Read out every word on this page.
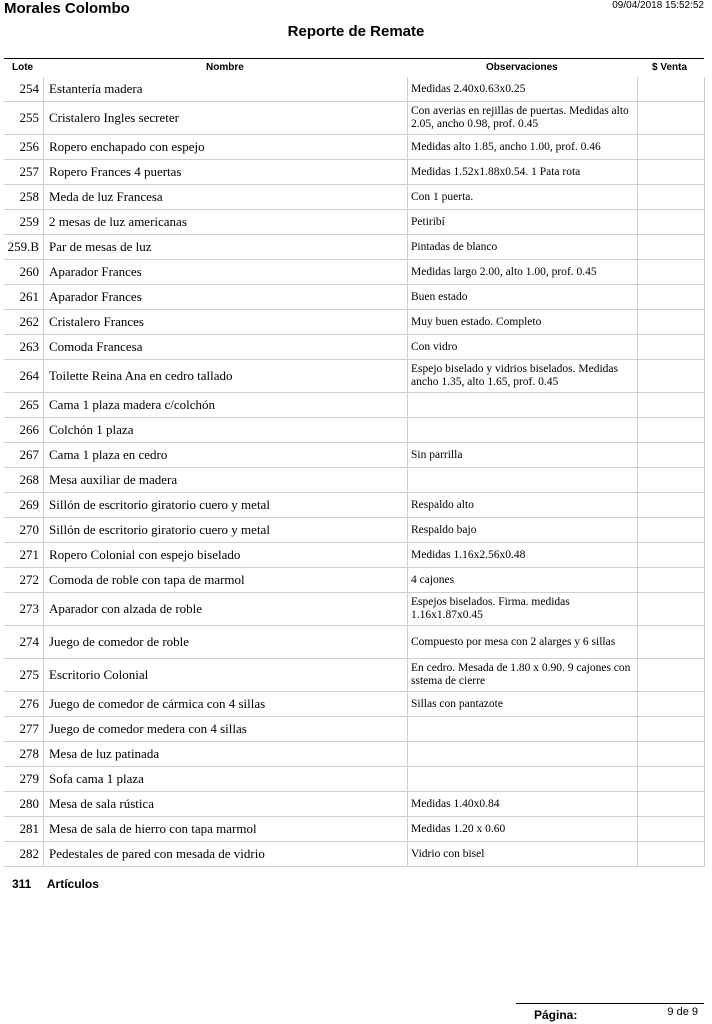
Morales Colombo	09/04/2018 15:52:52
Reporte de Remate
Lote	Nombre	Observaciones	$ Venta
254 Estantería madera	Medidas 2.40x0.63x0.25
255 Cristalero Ingles secreter	Con averias en rejillas de puertas. Medidas alto 2.05, ancho 0.98, prof. 0.45
256 Ropero enchapado con espejo	Medidas alto 1.85, ancho 1.00, prof. 0.46
257 Ropero Frances 4 puertas	Medidas 1.52x1.88x0.54. 1 Pata rota
258 Meda de luz Francesa	Con 1 puerta.
259 2 mesas de luz americanas	Petiribí
259.B Par de mesas de luz	Pintadas de blanco
260 Aparador Frances	Medidas largo 2.00, alto 1.00, prof. 0.45
261 Aparador Frances	Buen estado
262 Cristalero Frances	Muy buen estado. Completo
263 Comoda Francesa	Con vidro
264 Toilette Reina Ana en cedro tallado	Espejo biselado y vidrios biselados. Medidas ancho 1.35, alto 1.65, prof. 0.45
265 Cama 1 plaza madera c/colchón
266 Colchón 1 plaza
267 Cama 1 plaza en cedro	Sin parrilla
268 Mesa auxiliar de madera
269 Sillón de escritorio giratorio cuero y metal	Respaldo alto
270 Sillón de escritorio giratorio cuero y metal	Respaldo bajo
271 Ropero Colonial con espejo biselado	Medidas 1.16x2.56x0.48
272 Comoda de roble con tapa de marmol	4 cajones
273 Aparador con alzada de roble	Espejos biselados. Firma. medidas 1.16x1.87x0.45
274 Juego de comedor de roble	Compuesto por mesa con 2 alarges y 6 sillas
275 Escritorio Colonial	En cedro. Mesada de 1.80 x 0.90. 9 cajones con sstema de cierre
276 Juego de comedor de cármica con 4 sillas	Sillas con pantazote
277 Juego de comedor medera con 4 sillas
278 Mesa de luz patinada
279 Sofa cama 1 plaza
280 Mesa de sala rústica	Medidas 1.40x0.84
281 Mesa de sala de hierro con tapa marmol	Medidas 1.20 x 0.60
282 Pedestales de pared con mesada de vidrio	Vidrio con bisel
311 Artículos
Página:	9 de 9
